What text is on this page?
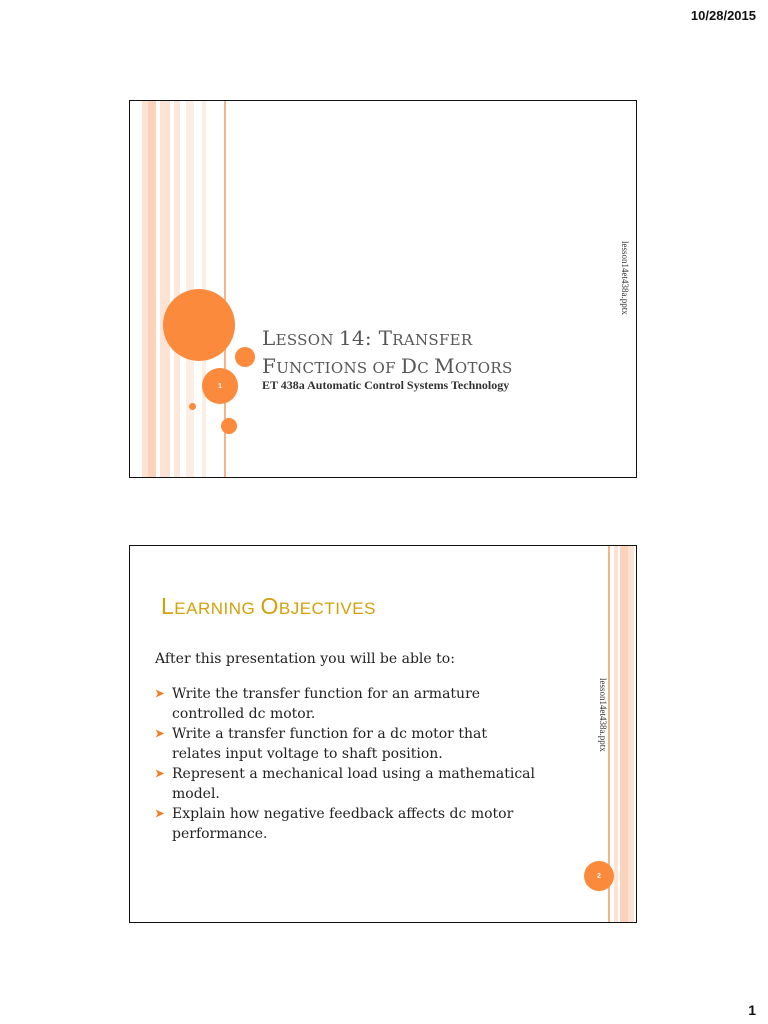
10/28/2015
1
LESSON 14: TRANSFER
FUNCTIONS OF DC MOTORS
ET 438a Automatic Control Systems Technology
lesson14et438a.pptx
LEARNING OBJECTIVES
After this presentation you will be able to:
➤ Write the transfer function for an armature
controlled dc motor.
➤ Write a transfer function for a dc motor that
relates input voltage to shaft position.
➤ Represent a mechanical load using a mathematical
model.
➤ Explain how negative feedback affects dc motor
performance.
lesson14et438a.pptx
2
1
